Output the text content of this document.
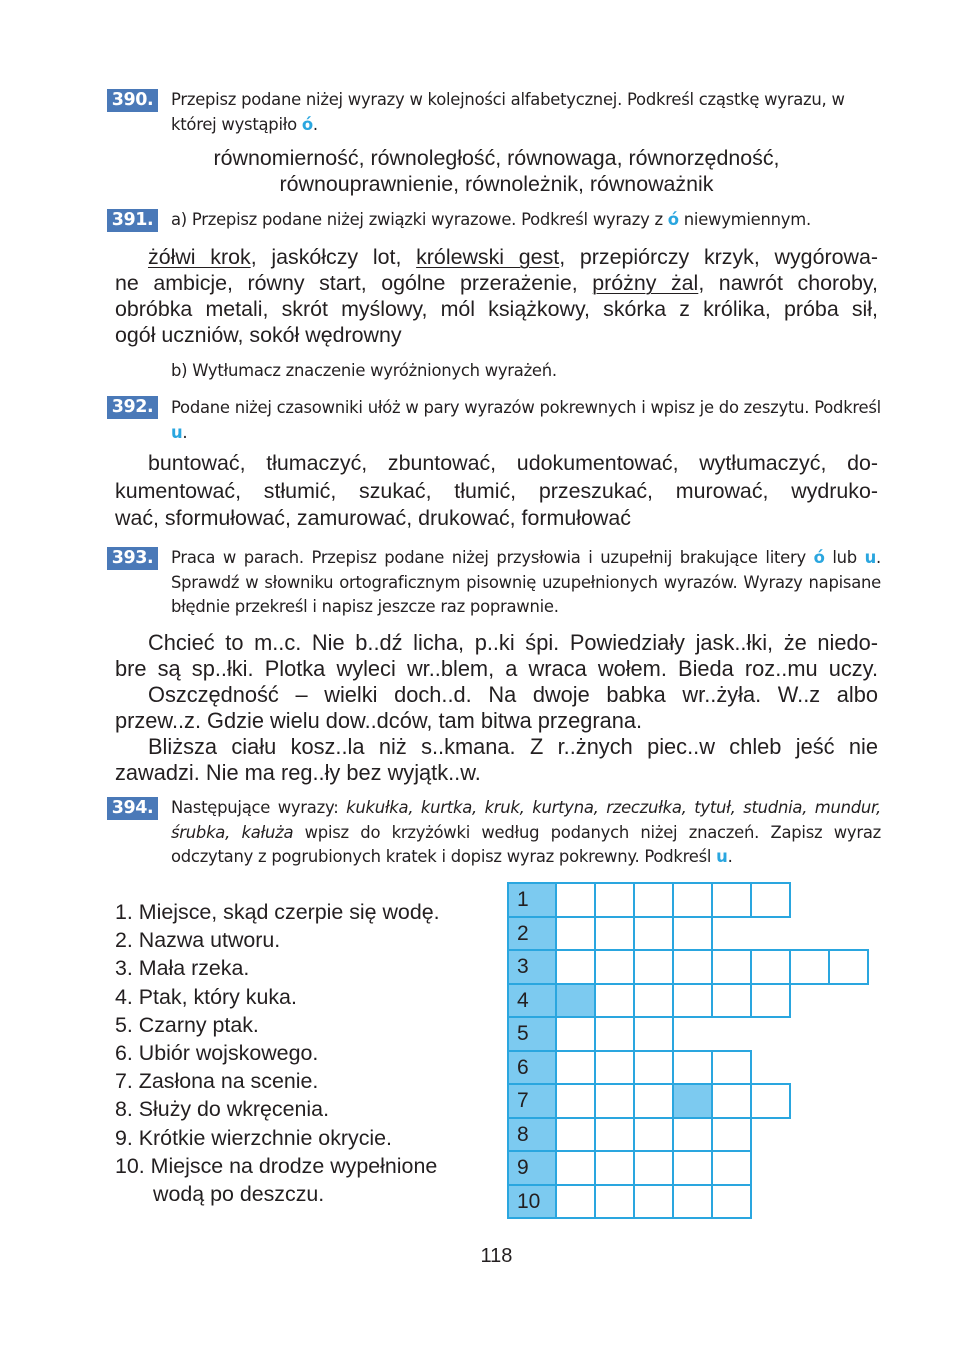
390. Przepisz podane niżej wyrazy w kolejności alfabetycznej. Podkreśl cząstkę wyrazu, w której wystąpiło ó.
równomierność, równoległość, równowaga, równorzędność,
równouprawnienie, równoleżnik, równoważnik
391. a) Przepisz podane niżej związki wyrazowe. Podkreśl wyrazy z ó niewymiennym.
żółwi krok, jaskółczy lot, królewski gest, przepiórczy krzyk, wygórowa-
ne ambicje, równy start, ogólne przerażenie, próżny żal, nawrót choroby,
obróbka metali, skrót myślowy, mól książkowy, skórka z królika, próba sił,
ogół uczniów, sokół wędrowny
b) Wytłumacz znaczenie wyróżnionych wyrażeń.
392. Podane niżej czasowniki ułóż w pary wyrazów pokrewnych i wpisz je do zeszytu. Podkreśl u.
buntować, tłumaczyć, zbuntować, udokumentować, wytłumaczyć, do-
kumentować, stłumić, szukać, tłumić, przeszukać, murować, wydruko-
wać, sformułować, zamurować, drukować, formułować
393. Praca w parach. Przepisz podane niżej przysłowia i uzupełnij brakujące litery ó lub u. Sprawdź w słowniku ortograficznym pisownię uzupełnionych wyrazów. Wyrazy napisane błędnie przekreśl i napisz jeszcze raz poprawnie.
Chcieć to m..c. Nie b..dź licha, p..ki śpi. Powiedziały jask..łki, że niedo-
bre są sp..łki. Plotka wyleci wr..blem, a wraca wołem. Bieda roz..mu uczy.
Oszczędność – wielki doch..d. Na dwoje babka wr..żyła. W..z albo
przew..z. Gdzie wielu dow..dców, tam bitwa przegrana.
Bliższa ciału kosz..la niż s..kmana. Z r..żnych piec..w chleb jeść nie
zawadzi. Nie ma reg..ły bez wyjątk..w.
394. Następujące wyrazy: kukułka, kurtka, kruk, kurtyna, rzeczułka, tytuł, studnia, mundur, śrubka, kałuża wpisz do krzyżówki według podanych niżej znaczeń. Zapisz wyraz odczytany z pogrubionych kratek i dopisz wyraz pokrewny. Podkreśl u.
1. Miejsce, skąd czerpie się wodę.
2. Nazwa utworu.
3. Mała rzeka.
4. Ptak, który kuka.
5. Czarny ptak.
6. Ubiór wojskowego.
7. Zasłona na scenie.
8. Służy do wkręcenia.
9. Krótkie wierzchnie okrycie.
10. Miejsce na drodze wypełnione
wodą po deszczu.
1
2
3
4
5
6
7
8
9
10
118
